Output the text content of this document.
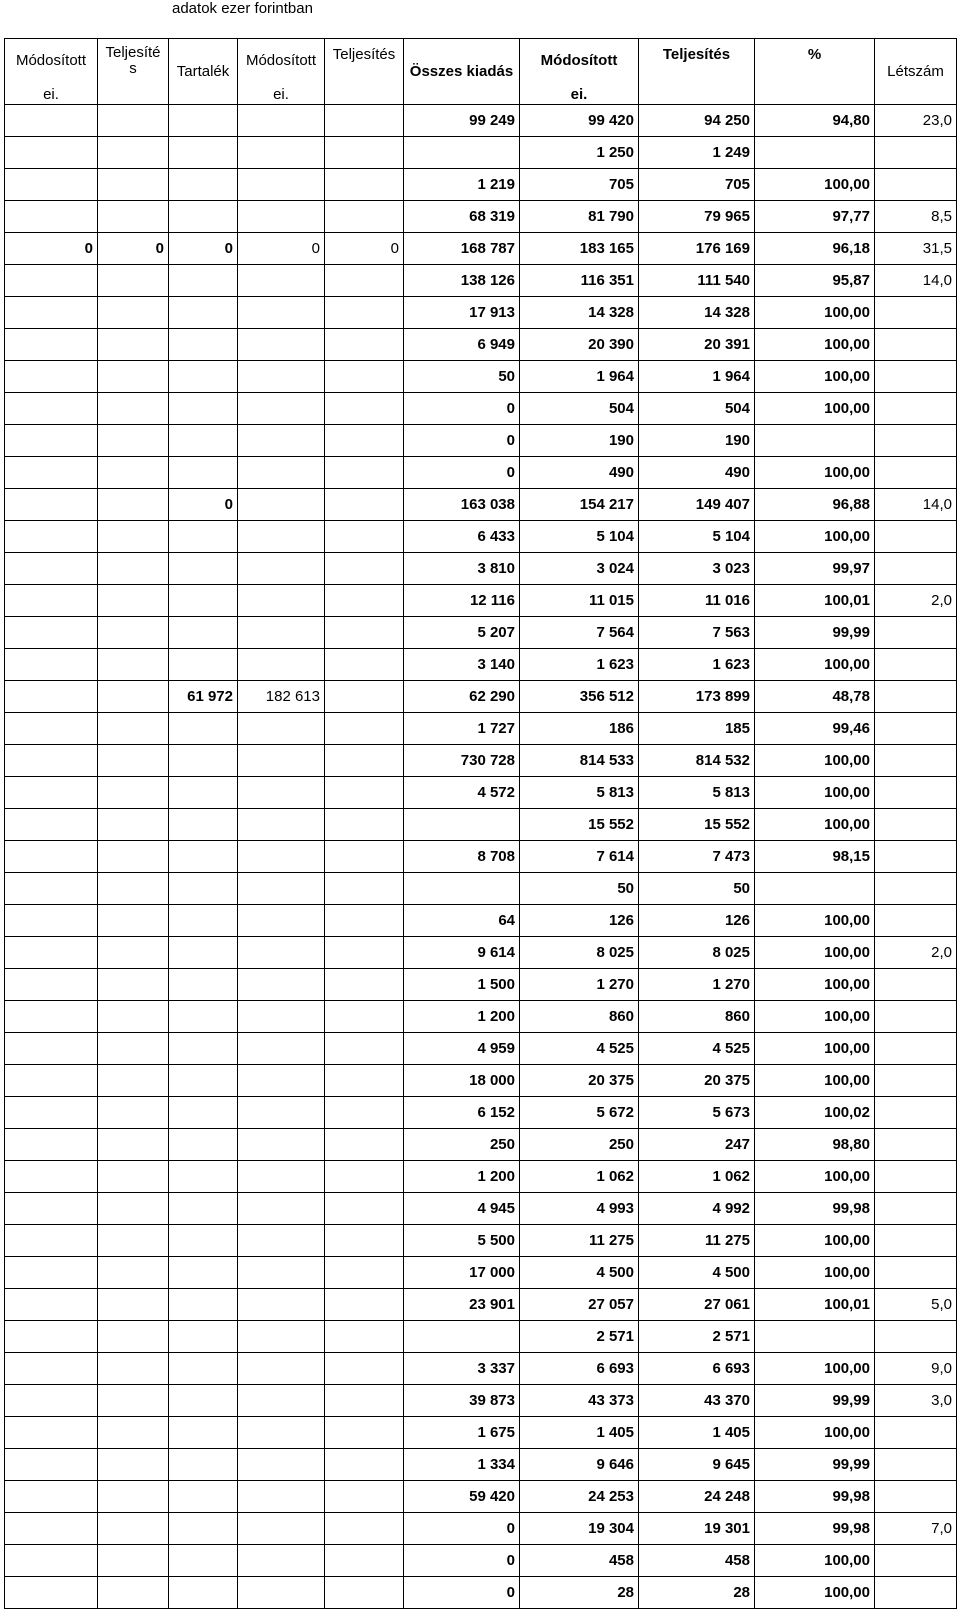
adatok ezer forintban
Módosított	Teljesíté s	Tartalék	Módosított	Teljesítés	Összes kiadás	Módosított	Teljesítés	%	Létszám
ei.			ei.			ei.			
					99 249	99 420	94 250	94,80	23,0
						1 250	1 249		
					1 219	705	705	100,00	
					68 319	81 790	79 965	97,77	8,5
0	0	0	0	0	168 787	183 165	176 169	96,18	31,5
					138 126	116 351	111 540	95,87	14,0
					17 913	14 328	14 328	100,00	
					6 949	20 390	20 391	100,00	
					50	1 964	1 964	100,00	
					0	504	504	100,00	
					0	190	190		
					0	490	490	100,00	
		0			163 038	154 217	149 407	96,88	14,0
					6 433	5 104	5 104	100,00	
					3 810	3 024	3 023	99,97	
					12 116	11 015	11 016	100,01	2,0
					5 207	7 564	7 563	99,99	
					3 140	1 623	1 623	100,00	
		61 972	182 613		62 290	356 512	173 899	48,78	
					1 727	186	185	99,46	
					730 728	814 533	814 532	100,00	
					4 572	5 813	5 813	100,00	
						15 552	15 552	100,00	
					8 708	7 614	7 473	98,15	
						50	50		
					64	126	126	100,00	
					9 614	8 025	8 025	100,00	2,0
					1 500	1 270	1 270	100,00	
					1 200	860	860	100,00	
					4 959	4 525	4 525	100,00	
					18 000	20 375	20 375	100,00	
					6 152	5 672	5 673	100,02	
					250	250	247	98,80	
					1 200	1 062	1 062	100,00	
					4 945	4 993	4 992	99,98	
					5 500	11 275	11 275	100,00	
					17 000	4 500	4 500	100,00	
					23 901	27 057	27 061	100,01	5,0
						2 571	2 571		
					3 337	6 693	6 693	100,00	9,0
					39 873	43 373	43 370	99,99	3,0
					1 675	1 405	1 405	100,00	
					1 334	9 646	9 645	99,99	
					59 420	24 253	24 248	99,98	
					0	19 304	19 301	99,98	7,0
					0	458	458	100,00	
					0	28	28	100,00	
